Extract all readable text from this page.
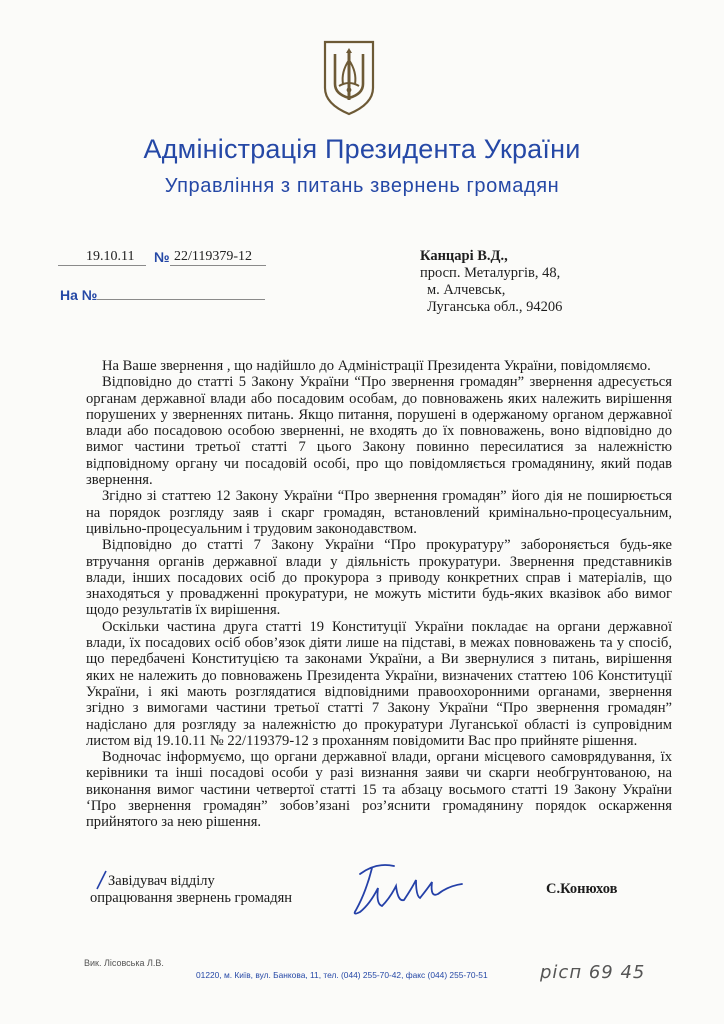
Адміністрація Президента України
Управління з питань звернень громадян
19.10.11 № 22/119379-12
На №
Канцарі В.Д.,
просп. Металургів, 48,
м. Алчевськ,
Луганська обл., 94206

На Ваше звернення , що надійшло до Адміністрації Президента України, повідомляємо.

Відповідно до статті 5 Закону України “Про звернення громадян” звернення адресується органам державної влади або посадовим особам, до повноважень яких належить вирішення порушених у зверненнях питань. Якщо питання, порушені в одержаному органом державної влади або посадовою особою зверненні, не входять до їх повноважень, воно відповідно до вимог частини третьої статті 7 цього Закону повинно пересилатися за належністю відповідному органу чи посадовій особі, про що повідомляється громадянину, який подав звернення.

Згідно зі статтею 12 Закону України “Про звернення громадян” його дія не поширюється на порядок розгляду заяв і скарг громадян, встановлений кримінально-процесуальним, цивільно-процесуальним і трудовим законодавством.

Відповідно до статті 7 Закону України “Про прокуратуру” забороняється будь-яке втручання органів державної влади у діяльність прокуратури. Звернення представників влади, інших посадових осіб до прокурора з приводу конкретних справ і матеріалів, що знаходяться у провадженні прокуратури, не можуть містити будь-яких вказівок або вимог щодо результатів їх вирішення.

Оскільки частина друга статті 19 Конституції України покладає на органи державної влади, їх посадових осіб обов’язок діяти лише на підставі, в межах повноважень та у спосіб, що передбачені Конституцією та законами України, а Ви звернулися з питань, вирішення яких не належить до повноважень Президента України, визначених статтею 106 Конституції України, і які мають розглядатися відповідними правоохоронними органами, звернення згідно з вимогами частини третьої статті 7 Закону України “Про звернення громадян” надіслано для розгляду за належністю до прокуратури Луганської області із супровідним листом від 19.10.11 № 22/119379-12 з проханням повідомити Вас про прийняте рішення.

Водночас інформуємо, що органи державної влади, органи місцевого самоврядування, їх керівники та інші посадові особи у разі визнання заяви чи скарги необгрунтованою, на виконання вимог частини четвертої статті 15 та абзацу восьмого статті 19 Закону України ‘Про звернення громадян” зобов’язані роз’яснити громадянину порядок оскарження прийнятого за нею рішення.

Завідувач відділу
опрацювання звернень громадян
С.Конюхов
Вик. Лісовська Л.В.
01220, м. Київ, вул. Банкова, 11, тел. (044) 255-70-42, факс (044) 255-70-51	рісп 69 45
